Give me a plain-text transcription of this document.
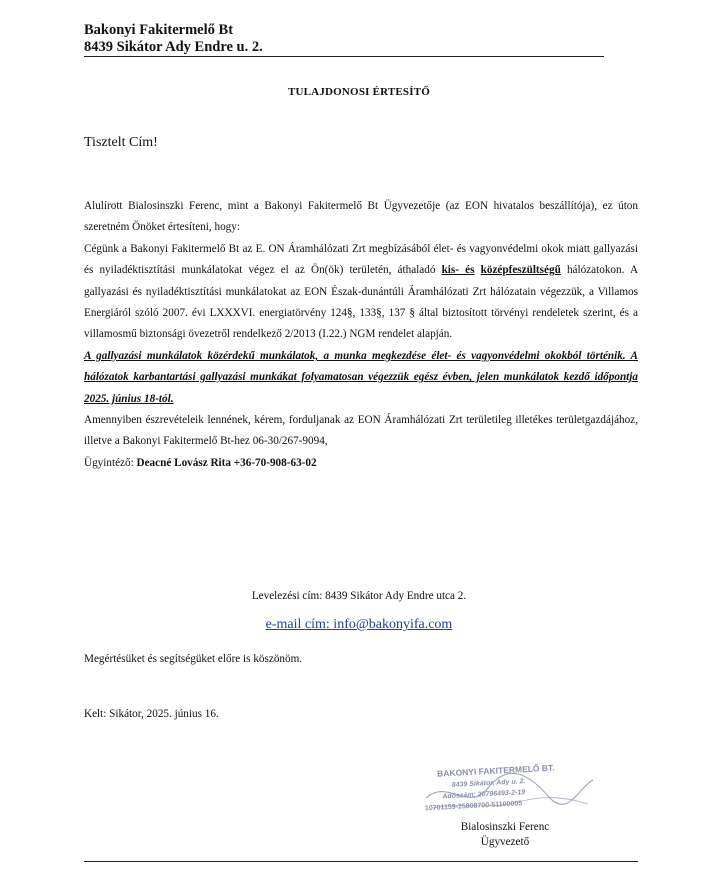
Bakonyi Fakitermelő Bt
8439 Sikátor Ady Endre u. 2.
TULAJDONOSI ÉRTESÍTŐ
Tisztelt Cím!

Alulírott Bialosinszki Ferenc, mint a Bakonyi Fakitermelő Bt Ügyvezetője (az EON hivatalos beszállítója), ez úton szeretném Önöket értesíteni, hogy:

Cégünk a Bakonyi Fakitermelő Bt az E. ON Áramhálózati Zrt megbízásából élet- és vagyonvédelmi okok miatt gallyazási és nyiladéktisztítási munkálatokat végez el az Ön(ök) területén, áthaladó kis- és középfeszültségű hálózatokon. A gallyazási és nyiladéktisztítási munkálatokat az EON Észak-dunántúli Áramhálózati Zrt hálózatain végezzük, a Villamos Energiáról szóló 2007. évi LXXXVI. energiatörvény 124§, 133§, 137 § által biztosított törvényi rendeletek szerint, és a villamosmű biztonsági övezetről rendelkező 2/2013 (I.22.) NGM rendelet alapján.

A gallyazási munkálatok közérdekű munkálatok, a munka megkezdése élet- és vagyonvédelmi okokból történik. A hálózatok karbantartási gallyazási munkákat folyamatosan végezzük egész évben, jelen munkálatok kezdő időpontja 2025. június 18-tól.

Amennyiben észrevételeik lennének, kérem, forduljanak az EON Áramhálózati Zrt területileg illetékes területgazdájához, illetve a Bakonyi Fakitermelő Bt-hez 06-30/267-9094,

Ügyintéző: Deacné Lovász Rita +36-70-908-63-02

Levelezési cím: 8439 Sikátor Ady Endre utca 2.
e-mail cím: info@bakonyifa.com
Megértésüket és segítségüket előre is köszönöm.
Kelt: Sikátor, 2025. június 16.
BAKONYI FAKITERMELŐ BT.
8439 Sikátor, Ady u. 2.
Adószám: 20796493-2-19
10701159-25808700-51100005
Bialosinszki Ferenc
Ügyvezető
